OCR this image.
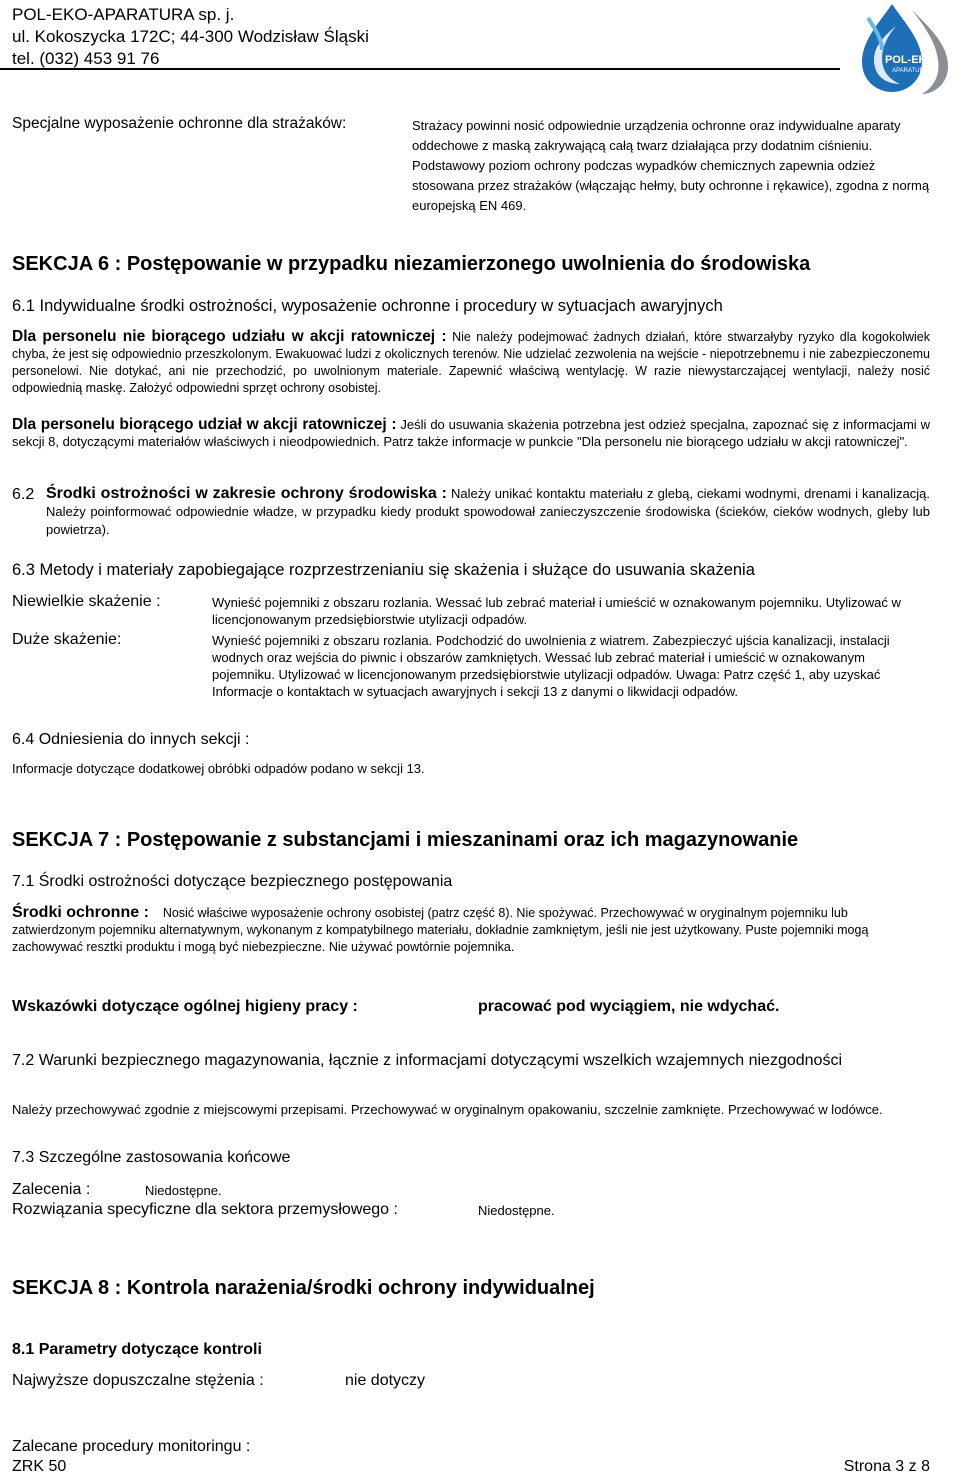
POL-EKO-APARATURA sp. j.
ul. Kokoszycka 172C; 44-300 Wodzisław Śląski
tel. (032) 453 91 76	POL-EKO
APARATURA
Specjalne wyposażenie ochronne dla strażaków:	Strażacy powinni nosić odpowiednie urządzenia ochronne oraz indywidualne aparaty oddechowe z maską zakrywającą całą twarz działająca przy dodatnim ciśnieniu. Podstawowy poziom ochrony podczas wypadków chemicznych zapewnia odzież stosowana przez strażaków (włączając hełmy, buty ochronne i rękawice), zgodna z normą europejską EN 469.
SEKCJA 6 : Postępowanie w przypadku niezamierzonego uwolnienia do środowiska
6.1 Indywidualne środki ostrożności, wyposażenie ochronne i procedury w sytuacjach awaryjnych
Dla personelu nie biorącego udziału w akcji ratowniczej : Nie należy podejmować żadnych działań, które stwarzałyby ryzyko dla kogokolwiek chyba, że jest się odpowiednio przeszkolonym. Ewakuować ludzi z okolicznych terenów. Nie udzielać zezwolenia na wejście - niepotrzebnemu i nie zabezpieczonemu personelowi. Nie dotykać, ani nie przechodzić, po uwolnionym materiale. Zapewnić właściwą wentylację. W razie niewystarczającej wentylacji, należy nosić odpowiednią maskę. Założyć odpowiedni sprzęt ochrony osobistej.
Dla personelu biorącego udział w akcji ratowniczej : Jeśli do usuwania skażenia potrzebna jest odzież specjalna, zapoznać się z informacjami w sekcji 8, dotyczącymi materiałów właściwych i nieodpowiednich. Patrz także informacje w punkcie "Dla personelu nie biorącego udziału w akcji ratowniczej".
6.2 Środki ostrożności w zakresie ochrony środowiska : Należy unikać kontaktu materiału z glebą, ciekami wodnymi, drenami i kanalizacją. Należy poinformować odpowiednie władze, w przypadku kiedy produkt spowodował zanieczyszczenie środowiska (ścieków, cieków wodnych, gleby lub powietrza).
6.3 Metody i materiały zapobiegające rozprzestrzenianiu się skażenia i służące do usuwania skażenia
Niewielkie skażenie :	Wynieść pojemniki z obszaru rozlania. Wessać lub zebrać materiał i umieścić w oznakowanym pojemniku. Utylizować w licencjonowanym przedsiębiorstwie utylizacji odpadów.
Duże skażenie:	Wynieść pojemniki z obszaru rozlania. Podchodzić do uwolnienia z wiatrem. Zabezpieczyć ujścia kanalizacji, instalacji wodnych oraz wejścia do piwnic i obszarów zamkniętych. Wessać lub zebrać materiał i umieścić w oznakowanym pojemniku. Utylizować w licencjonowanym przedsiębiorstwie utylizacji odpadów. Uwaga: Patrz część 1, aby uzyskać Informacje o kontaktach w sytuacjach awaryjnych i sekcji 13 z danymi o likwidacji odpadów.
6.4 Odniesienia do innych sekcji :
Informacje dotyczące dodatkowej obróbki odpadów podano w sekcji 13.
SEKCJA 7 : Postępowanie z substancjami i mieszaninami oraz ich magazynowanie
7.1 Środki ostrożności dotyczące bezpiecznego postępowania
Środki ochronne : Nosić właściwe wyposażenie ochrony osobistej (patrz część 8). Nie spożywać. Przechowywać w oryginalnym pojemniku lub zatwierdzonym pojemniku alternatywnym, wykonanym z kompatybilnego materiału, dokładnie zamkniętym, jeśli nie jest użytkowany. Puste pojemniki mogą zachowywać resztki produktu i mogą być niebezpieczne. Nie używać powtórnie pojemnika.
Wskazówki dotyczące ogólnej higieny pracy :	pracować pod wyciągiem, nie wdychać.
7.2 Warunki bezpiecznego magazynowania, łącznie z informacjami dotyczącymi wszelkich wzajemnych niezgodności
Należy przechowywać zgodnie z miejscowymi przepisami. Przechowywać w oryginalnym opakowaniu, szczelnie zamknięte. Przechowywać w lodówce.
7.3 Szczególne zastosowania końcowe
Zalecenia :	Niedostępne.
Rozwiązania specyficzne dla sektora przemysłowego :	Niedostępne.
SEKCJA 8 : Kontrola narażenia/środki ochrony indywidualnej
8.1 Parametry dotyczące kontroli
Najwyższe dopuszczalne stężenia :	nie dotyczy
Zalecane procedury monitoringu :
ZRK 50	Strona 3 z 8
